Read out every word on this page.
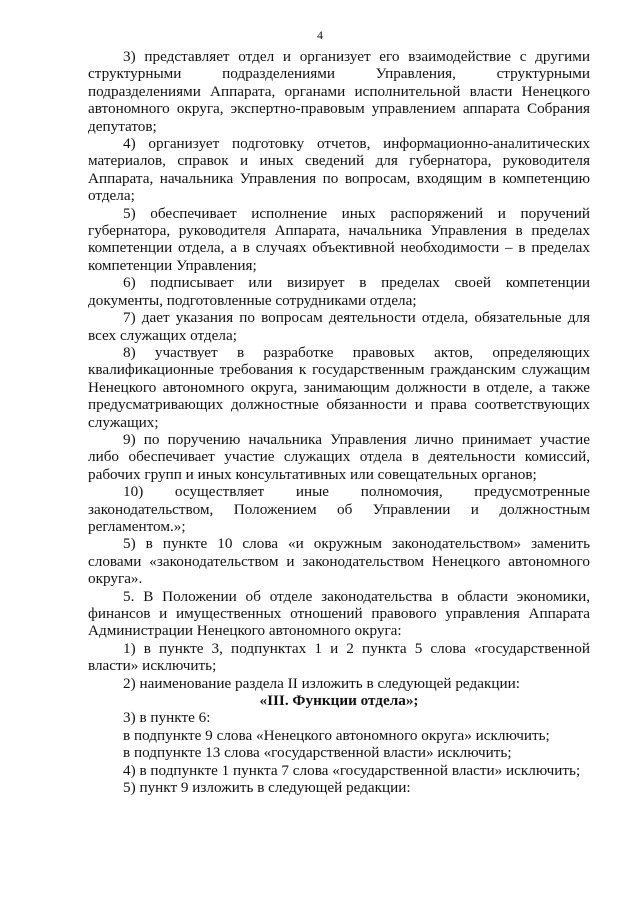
4

3) представляет отдел и организует его взаимодействие с другими структурными подразделениями Управления, структурными подразделениями Аппарата, органами исполнительной власти Ненецкого автономного округа, экспертно-правовым управлением аппарата Собрания депутатов;

4) организует подготовку отчетов, информационно-аналитических материалов, справок и иных сведений для губернатора, руководителя Аппарата, начальника Управления по вопросам, входящим в компетенцию отдела;

5) обеспечивает исполнение иных распоряжений и поручений губернатора, руководителя Аппарата, начальника Управления в пределах компетенции отдела, а в случаях объективной необходимости – в пределах компетенции Управления;

6) подписывает или визирует в пределах своей компетенции документы, подготовленные сотрудниками отдела;

7) дает указания по вопросам деятельности отдела, обязательные для всех служащих отдела;

8) участвует в разработке правовых актов, определяющих квалификационные требования к государственным гражданским служащим Ненецкого автономного округа, занимающим должности в отделе, а также предусматривающих должностные обязанности и права соответствующих служащих;

9) по поручению начальника Управления лично принимает участие либо обеспечивает участие служащих отдела в деятельности комиссий, рабочих групп и иных консультативных или совещательных органов;

10) осуществляет иные полномочия, предусмотренные законодательством, Положением об Управлении и должностным регламентом.»;

5) в пункте 10 слова «и окружным законодательством» заменить словами «законодательством и законодательством Ненецкого автономного округа».

5. В Положении об отделе законодательства в области экономики, финансов и имущественных отношений правового управления Аппарата Администрации Ненецкого автономного округа:

1) в пункте 3, подпунктах 1 и 2 пункта 5 слова «государственной власти» исключить;

2) наименование раздела II изложить в следующей редакции:

«III. Функции отдела»;

3) в пункте 6:

в подпункте 9 слова «Ненецкого автономного округа» исключить;

в подпункте 13 слова «государственной власти» исключить;

4) в подпункте 1 пункта 7 слова «государственной власти» исключить;

5) пункт 9 изложить в следующей редакции:
